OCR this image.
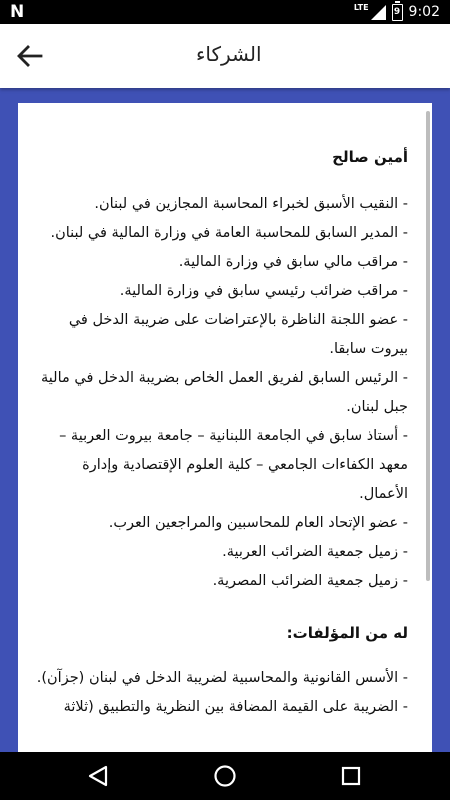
N	LTE	9 9:02
الشركاء

أمين صالح

- النقيب الأسبق لخبراء المحاسبة المجازين في لبنان.

- المدير السابق للمحاسبة العامة في وزارة المالية في لبنان.

- مراقب مالي سابق في وزارة المالية.

- مراقب ضرائب رئيسي سابق في وزارة المالية.

- عضو اللجنة الناظرة بالإعتراضات على ضريبة الدخل في بيروت سابقا.

- الرئيس السابق لفريق العمل الخاص بضريبة الدخل في مالية جبل لبنان.

- أستاذ سابق في الجامعة اللبنانية – جامعة بيروت العربية – معهد الكفاءات الجامعي – كلية العلوم الإقتصادية وإدارة الأعمال.

- عضو الإتحاد العام للمحاسبين والمراجعين العرب.

- زميل جمعية الضرائب العربية.

- زميل جمعية الضرائب المصرية.

له من المؤلفات:

- الأسس القانونية والمحاسبية لضريبة الدخل في لبنان (جزآن).

- الضريبة على القيمة المضافة بين النظرية والتطبيق (ثلاثة
